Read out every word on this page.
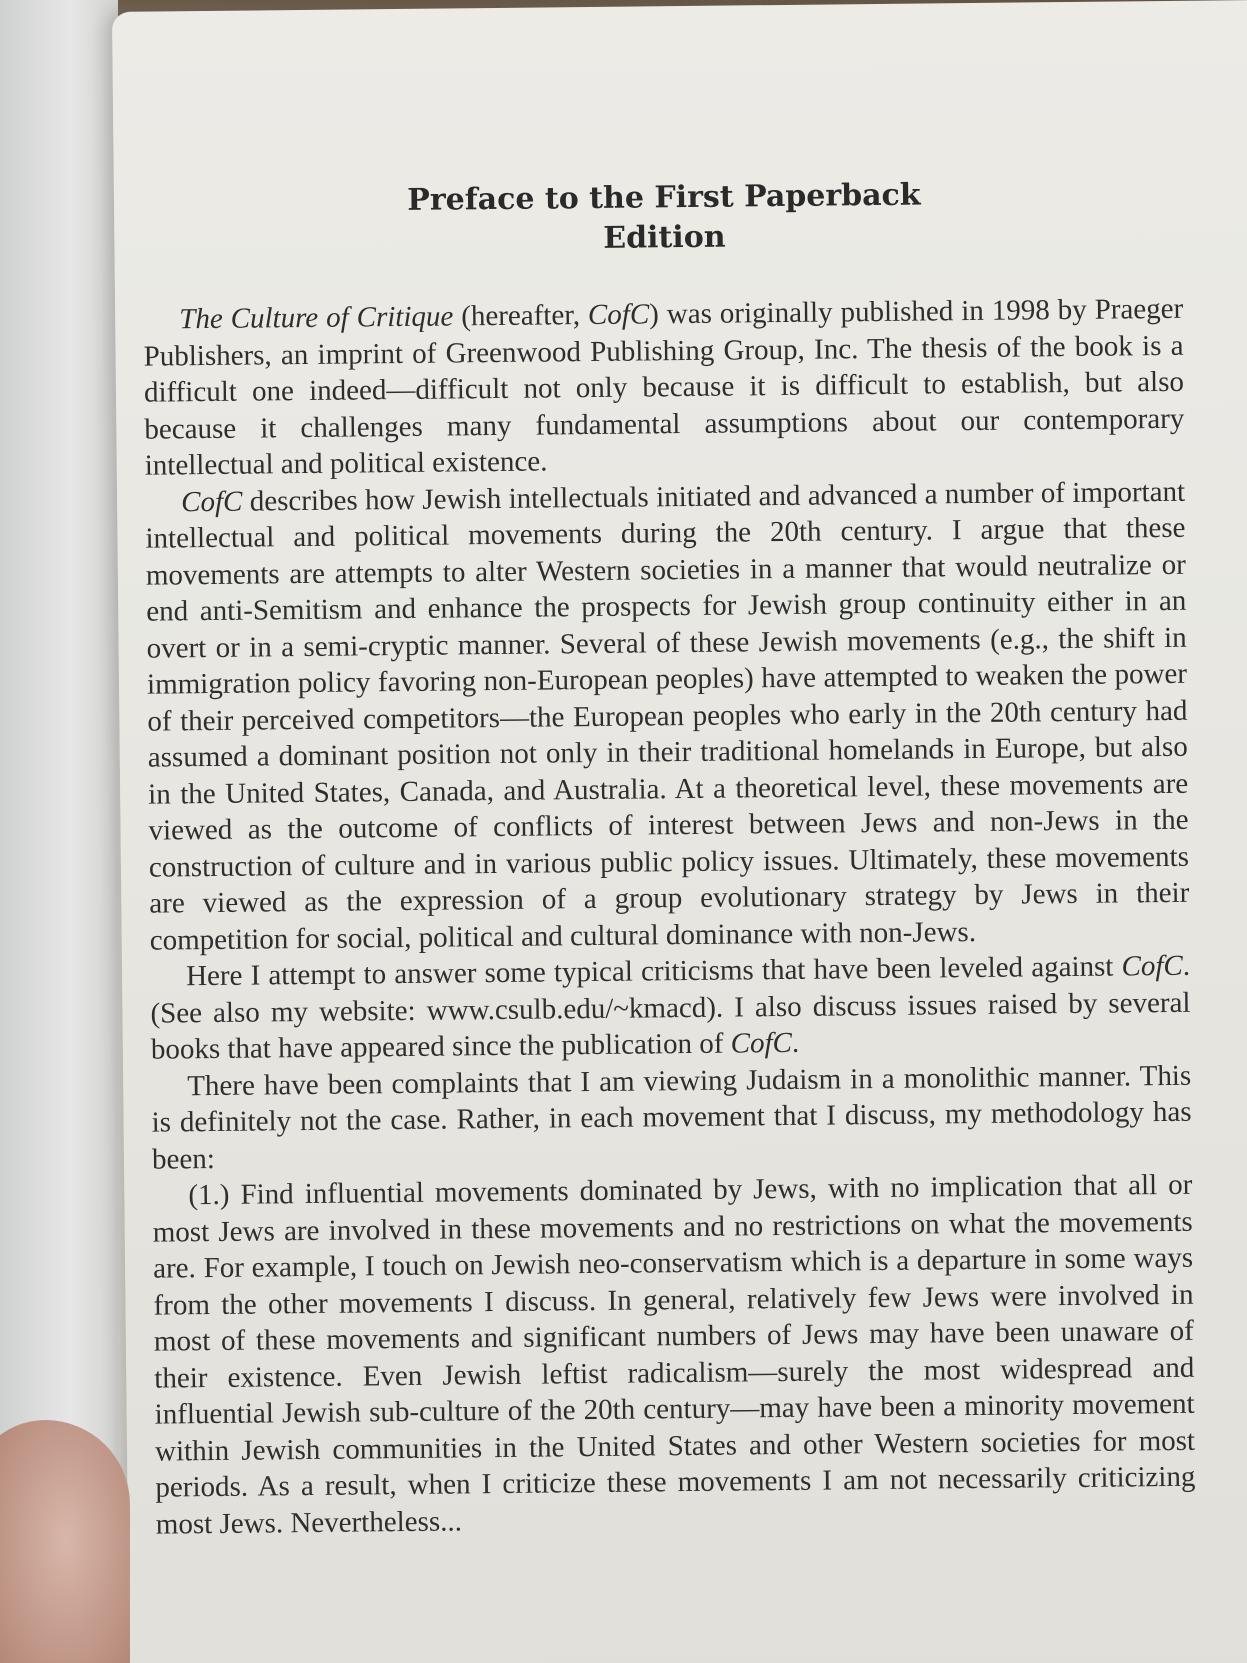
Preface to the First Paperback
Edition

The Culture of Critique (hereafter, CofC) was originally published in 1998 by Praeger Publishers, an imprint of Greenwood Publishing Group, Inc. The thesis of the book is a difficult one indeed—difficult not only because it is difficult to establish, but also because it challenges many fundamental assumptions about our contemporary intellectual and political existence.

CofC describes how Jewish intellectuals initiated and advanced a number of important intellectual and political movements during the 20th century. I argue that these movements are attempts to alter Western societies in a manner that would neutralize or end anti-Semitism and enhance the prospects for Jewish group continuity either in an overt or in a semi-cryptic manner. Several of these Jewish movements (e.g., the shift in immigration policy favoring non-European peoples) have attempted to weaken the power of their perceived competitors—the European peoples who early in the 20th century had assumed a dominant position not only in their traditional homelands in Europe, but also in the United States, Canada, and Australia. At a theoretical level, these movements are viewed as the outcome of conflicts of interest between Jews and non-Jews in the construction of culture and in various public policy issues. Ultimately, these movements are viewed as the expression of a group evolutionary strategy by Jews in their competition for social, political and cultural dominance with non-Jews.

Here I attempt to answer some typical criticisms that have been leveled against CofC. (See also my website: www.csulb.edu/~kmacd). I also discuss issues raised by several books that have appeared since the publication of CofC.

There have been complaints that I am viewing Judaism in a monolithic manner. This is definitely not the case. Rather, in each movement that I discuss, my methodology has been:

(1.) Find influential movements dominated by Jews, with no implication that all or most Jews are involved in these movements and no restrictions on what the movements are. For example, I touch on Jewish neo-conservatism which is a departure in some ways from the other movements I discuss. In general, relatively few Jews were involved in most of these movements and significant numbers of Jews may have been unaware of their existence. Even Jewish leftist radicalism—surely the most widespread and influential Jewish sub-culture of the 20th century—may have been a minority movement within Jewish communities in the United States and other Western societies for most periods. As a result, when I criticize these movements I am not necessarily criticizing most Jews. Nevertheless...
